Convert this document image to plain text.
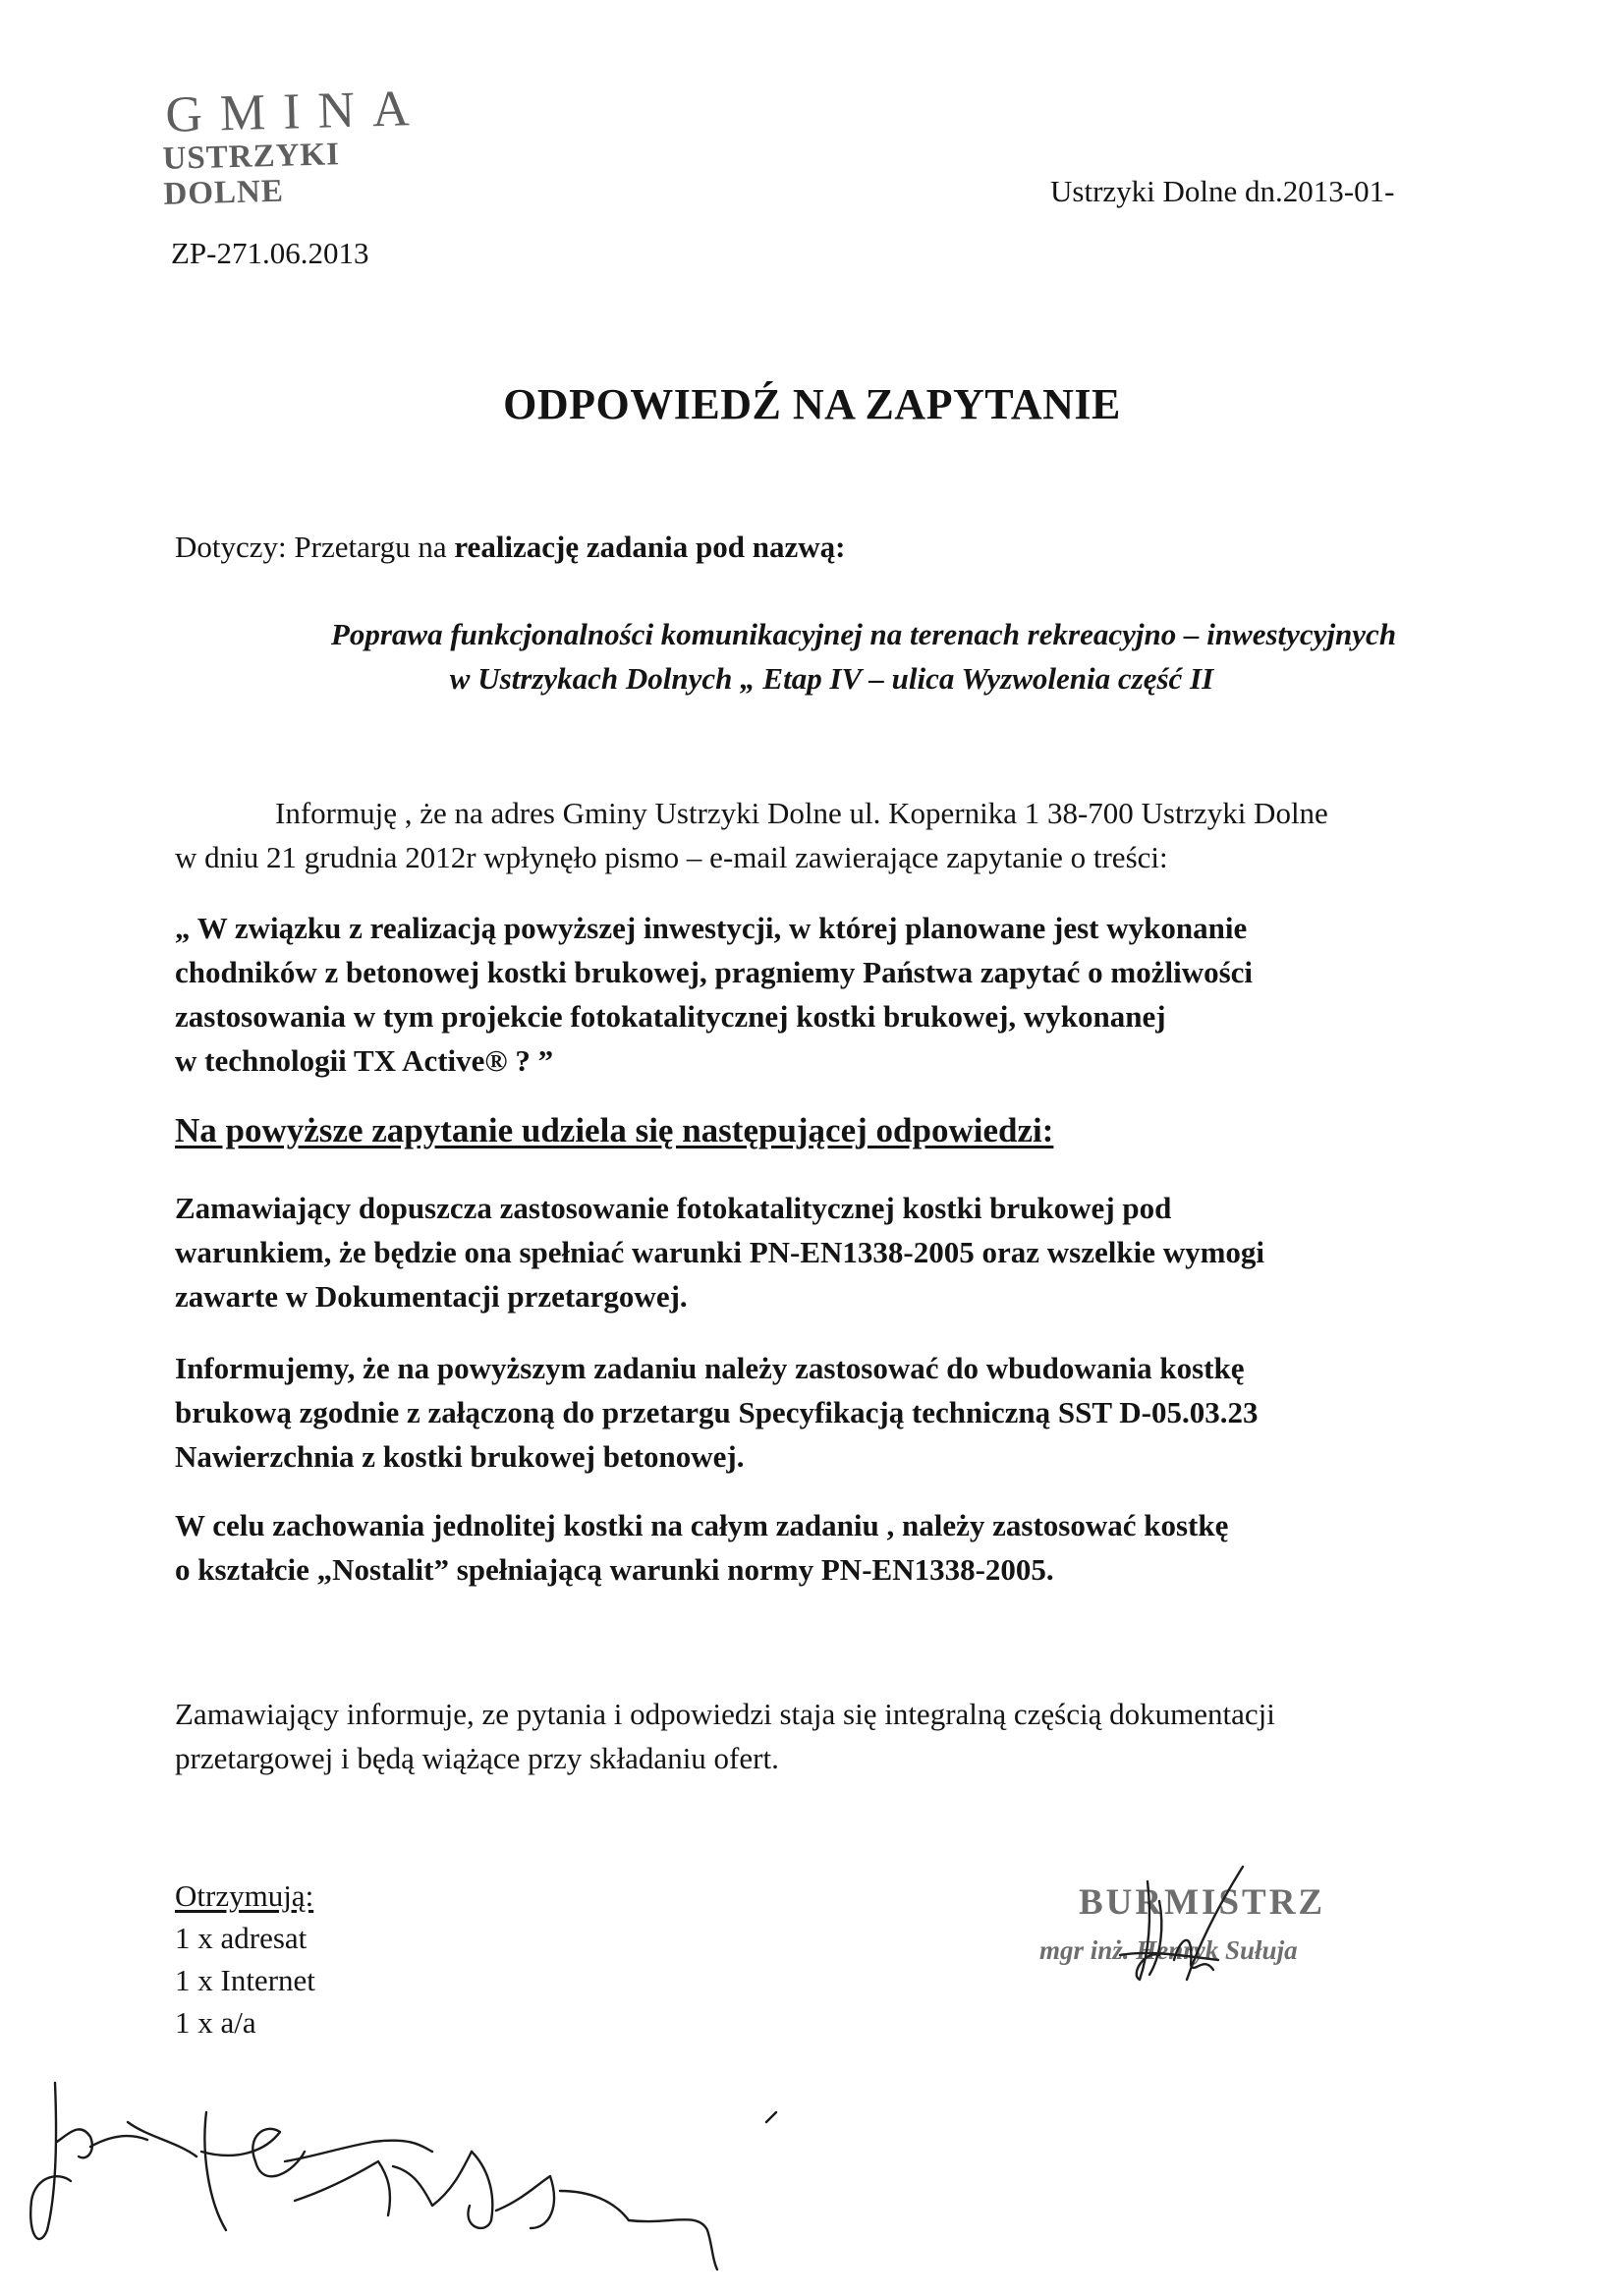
GMINA
USTRZYKI DOLNE	Ustrzyki Dolne dn.2013-01-
ZP-271.06.2013
ODPOWIEDŹ NA ZAPYTANIE
Dotyczy: Przetargu na realizację zadania pod nazwą:
Poprawa funkcjonalności komunikacyjnej na terenach rekreacyjno – inwestycyjnych
w Ustrzykach Dolnych „ Etap IV – ulica Wyzwolenia część II
Informuję , że na adres Gminy Ustrzyki Dolne ul. Kopernika 1 38-700 Ustrzyki Dolne
w dniu 21 grudnia 2012r wpłynęło pismo – e-mail zawierające zapytanie o treści:
„ W związku z realizacją powyższej inwestycji, w której planowane jest wykonanie
chodników z betonowej kostki brukowej, pragniemy Państwa zapytać o możliwości
zastosowania w tym projekcie fotokatalitycznej kostki brukowej, wykonanej
w technologii TX Active® ? ”
Na powyższe zapytanie udziela się następującej odpowiedzi:
Zamawiający dopuszcza zastosowanie fotokatalitycznej kostki brukowej pod
warunkiem, że będzie ona spełniać warunki PN-EN1338-2005 oraz wszelkie wymogi
zawarte w Dokumentacji przetargowej.
Informujemy, że na powyższym zadaniu należy zastosować do wbudowania kostkę
brukową zgodnie z załączoną do przetargu Specyfikacją techniczną SST D-05.03.23
Nawierzchnia z kostki brukowej betonowej.
W celu zachowania jednolitej kostki na całym zadaniu , należy zastosować kostkę
o kształcie „Nostalit” spełniającą warunki normy PN-EN1338-2005.
Zamawiający informuje, ze pytania i odpowiedzi staja się integralną częścią dokumentacji
przetargowej i będą wiążące przy składaniu ofert.
Otrzymują:
1 x adresat
1 x Internet
1 x a/a
BURMISTRZ
mgr inż. Henryk Sułuja
